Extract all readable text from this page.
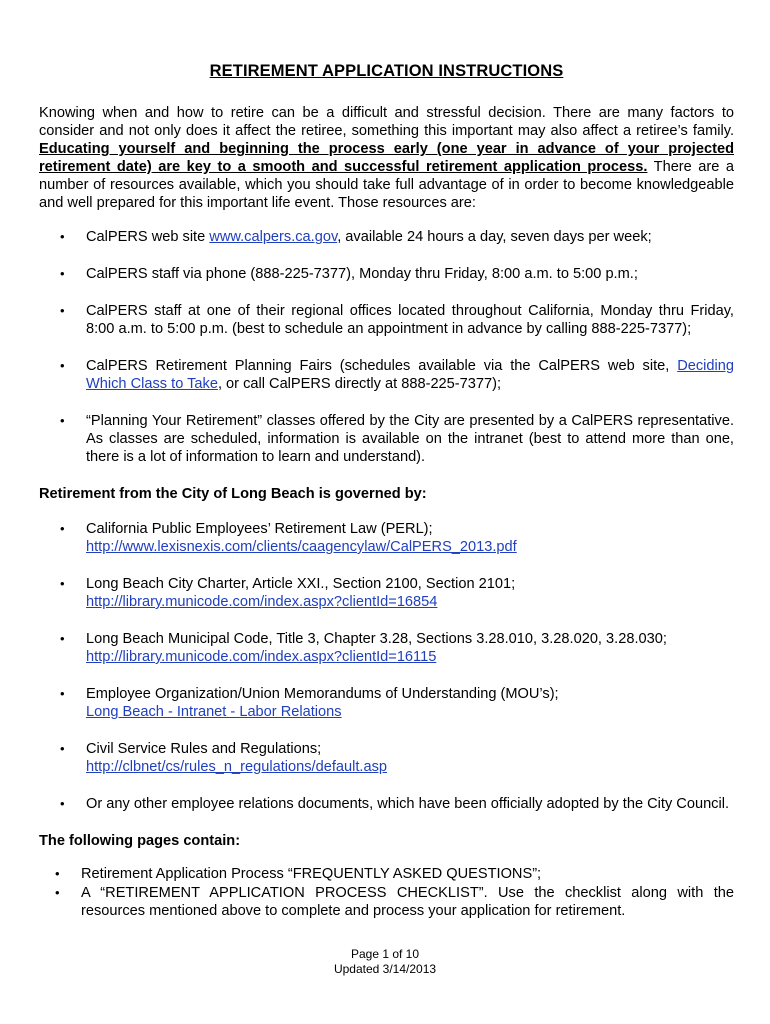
RETIREMENT APPLICATION INSTRUCTIONS

Knowing when and how to retire can be a difficult and stressful decision. There are many factors to consider and not only does it affect the retiree, something this important may also affect a retiree’s family. Educating yourself and beginning the process early (one year in advance of your projected retirement date) are key to a smooth and successful retirement application process. There are a number of resources available, which you should take full advantage of in order to become knowledgeable and well prepared for this important life event. Those resources are:

• CalPERS web site www.calpers.ca.gov, available 24 hours a day, seven days per week;
• CalPERS staff via phone (888-225-7377), Monday thru Friday, 8:00 a.m. to 5:00 p.m.;
• CalPERS staff at one of their regional offices located throughout California, Monday thru Friday, 8:00 a.m. to 5:00 p.m. (best to schedule an appointment in advance by calling 888-225-7377);
• CalPERS Retirement Planning Fairs (schedules available via the CalPERS web site, Deciding Which Class to Take, or call CalPERS directly at 888-225-7377);
• “Planning Your Retirement” classes offered by the City are presented by a CalPERS representative. As classes are scheduled, information is available on the intranet (best to attend more than one, there is a lot of information to learn and understand).
Retirement from the City of Long Beach is governed by:
• California Public Employees’ Retirement Law (PERL);
http://www.lexisnexis.com/clients/caagencylaw/CalPERS_2013.pdf
• Long Beach City Charter, Article XXI., Section 2100, Section 2101;
http://library.municode.com/index.aspx?clientId=16854
• Long Beach Municipal Code, Title 3, Chapter 3.28, Sections 3.28.010, 3.28.020, 3.28.030;
http://library.municode.com/index.aspx?clientId=16115
• Employee Organization/Union Memorandums of Understanding (MOU’s);
Long Beach - Intranet - Labor Relations
• Civil Service Rules and Regulations;
http://clbnet/cs/rules_n_regulations/default.asp
• Or any other employee relations documents, which have been officially adopted by the City Council.
The following pages contain:
• Retirement Application Process “FREQUENTLY ASKED QUESTIONS”;
• A “RETIREMENT APPLICATION PROCESS CHECKLIST”. Use the checklist along with the resources mentioned above to complete and process your application for retirement.
Page 1 of 10
Updated 3/14/2013
